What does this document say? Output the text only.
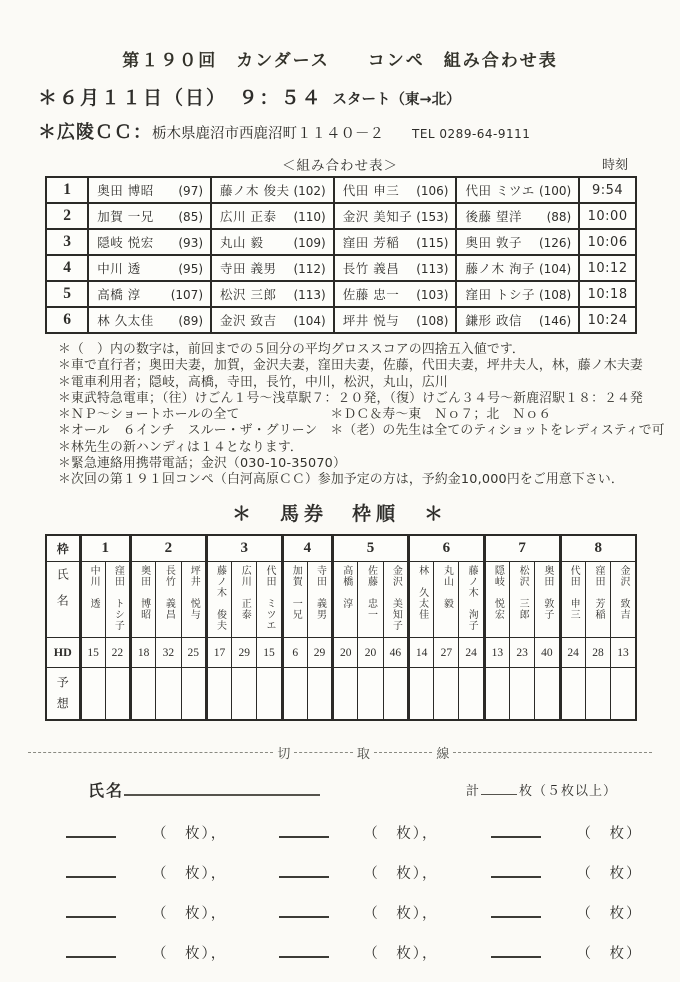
第１９０回　カンダース　　コンペ　組み合わせ表
＊６月１１日（日）　９：５４ スタート（東→北）
＊広陵ＣＣ： 栃木県鹿沼市西鹿沼町１１４０－２ TEL 0289-64-9111
＜組み合わせ表＞	時刻
1	奥田 博昭 (97)	藤ノ木 俊夫 (102)	代田 申三 (106)	代田 ミツエ (100)	9:54
2	加賀 一兄 (85)	広川 正泰 (110)	金沢 美知子 (153)	後藤 望洋 (88)	10:00
3	隠岐 悦宏 (93)	丸山 毅 (109)	窪田 芳稲 (115)	奥田 敦子 (126)	10:06
4	中川 透 (95)	寺田 義男 (112)	長竹 義昌 (113)	藤ノ木 洵子 (104)	10:12
5	高橋 淳 (107)	松沢 三郎 (113)	佐藤 忠一 (103)	窪田 トシ子 (108)	10:18
6	林 久太佳 (89)	金沢 致吉 (104)	坪井 悦与 (108)	鎌形 政信 (146)	10:24
＊（　）内の数字は，前回までの５回分の平均グロススコアの四捨五入値です．
＊車で直行者；奥田夫妻，加賀，金沢夫妻，窪田夫妻，佐藤，代田夫妻，坪井夫人，林，藤ノ木夫妻
＊電車利用者；隠岐，高橋，寺田，長竹，中川，松沢，丸山，広川
＊東武特急電車；（往）けごん１号～浅草駅７：２０発，（復）けごん３４号～新鹿沼駅１８：２４発
＊ＮＰ～ショートホールの全て　　　　　　　＊ＤＣ＆寿～東　Ｎｏ７；北　Ｎｏ６
＊オール　６インチ　スルー・ザ・グリーン　＊（老）の先生は全てのティショットをレディスティで可
＊林先生の新ハンディは１４となります．
＊緊急連絡用携帯電話；金沢（030-10-35070）
＊次回の第１９１回コンペ（白河高原ＣＣ）参加予定の方は，予約金10,000円をご用意下さい．
＊　馬券　枠順　＊
枠	1		2			3			4		5			6			7			8		

氏名	中川　透	窪田　トシ子	奥田　博昭	長竹　義昌	坪井　悦与	藤ノ木　俊夫	広川　正泰	代田　ミツエ	加賀　一兄	寺田　義男	高橋　淳	佐藤　忠一	金沢　美知子	林　久太佳	丸山　毅	藤ノ木　洵子	隠岐　悦宏	松沢　三郎	奥田　敦子	代田　申三	窪田　芳稲	金沢　致吉

HD	15	22	18	32	25	17	29	15	6	29	20	20	46	14	27	24	13	23	40	24	28	13

予想																						

切	取	線
氏名	計	枚（５枚以上）
（　枚），	（　枚），	（　枚）
（　枚），	（　枚），	（　枚）
（　枚），	（　枚），	（　枚）
（　枚），	（　枚），	（　枚）
